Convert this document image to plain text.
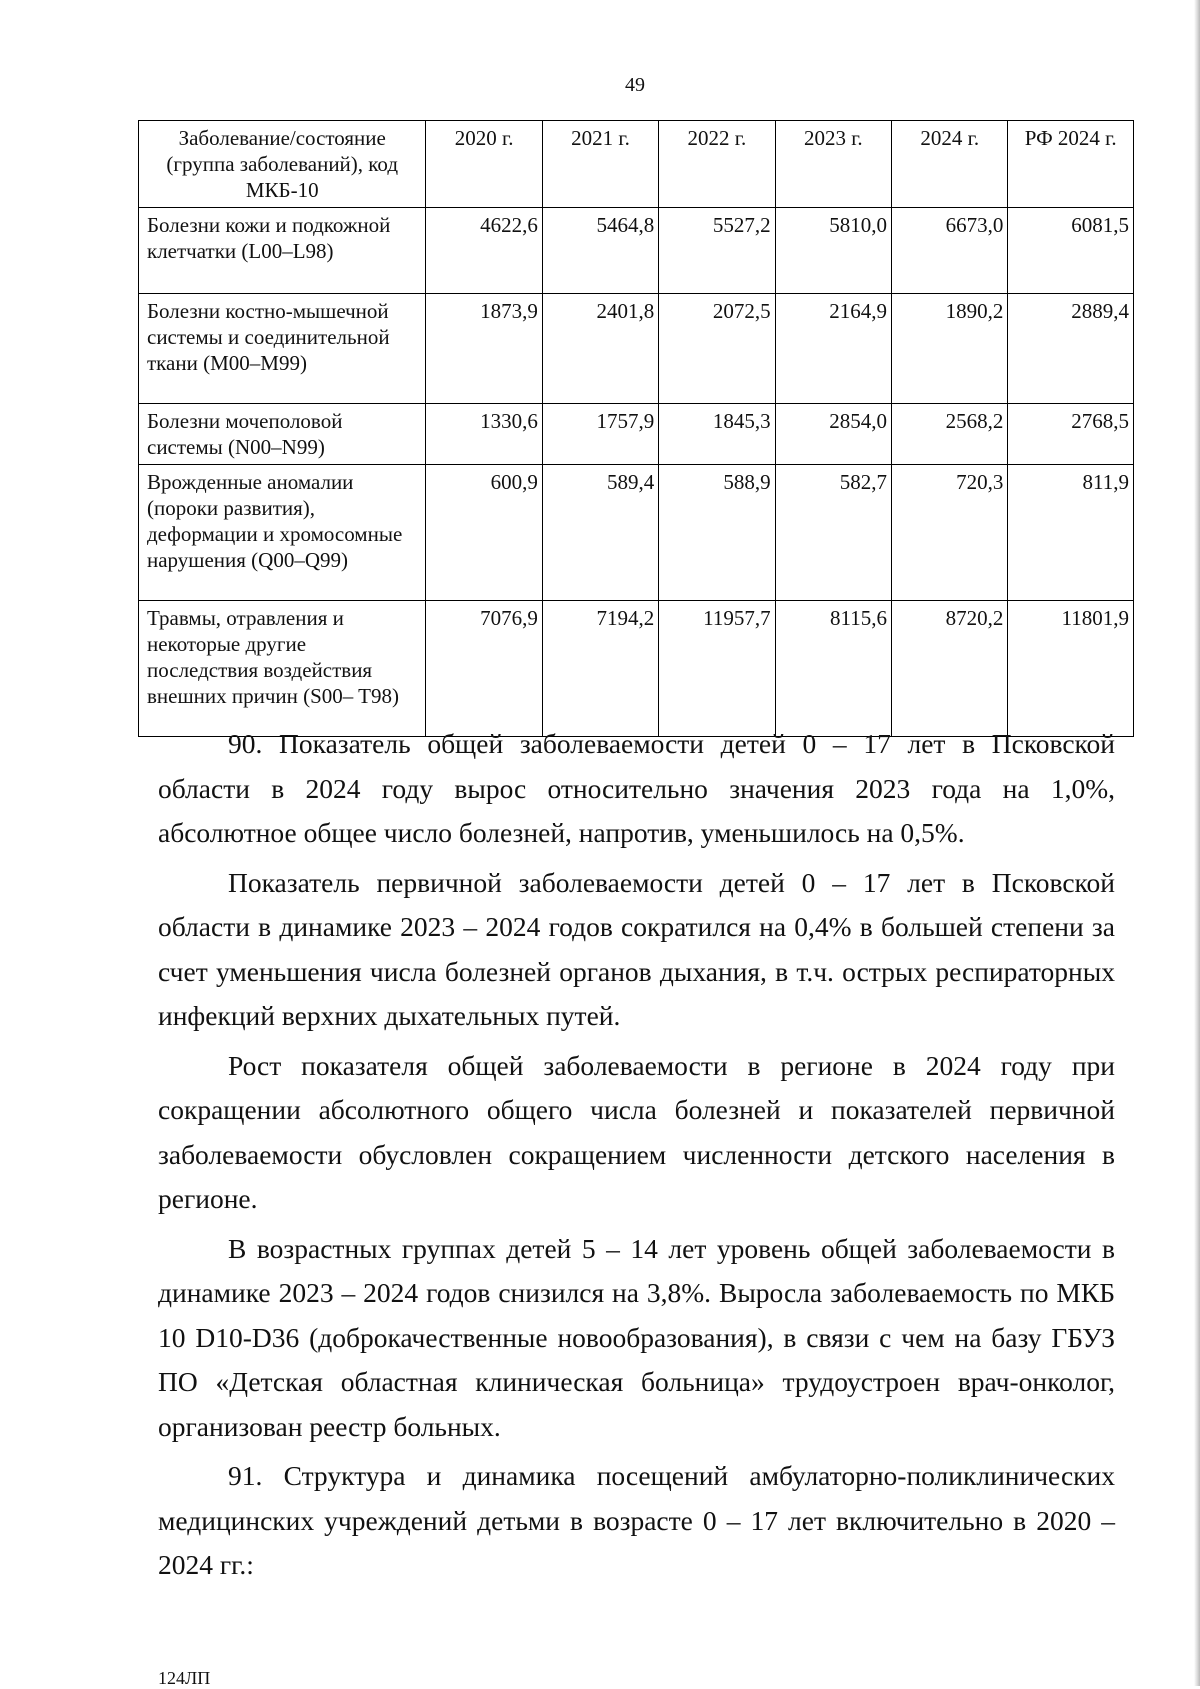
49
Заболевание/состояние (группа заболеваний), код МКБ-10	2020 г.	2021 г.	2022 г.	2023 г.	2024 г.	РФ 2024 г.
Болезни кожи и подкожной клетчатки (L00–L98)	4622,6	5464,8	5527,2	5810,0	6673,0	6081,5
Болезни костно-мышечной системы и соединительной ткани (M00–M99)	1873,9	2401,8	2072,5	2164,9	1890,2	2889,4
Болезни мочеполовой системы (N00–N99)	1330,6	1757,9	1845,3	2854,0	2568,2	2768,5
Врожденные аномалии (пороки развития), деформации и хромосомные нарушения (Q00–Q99)	600,9	589,4	588,9	582,7	720,3	811,9
Травмы, отравления и некоторые другие последствия воздействия внешних причин (S00– T98)	7076,9	7194,2	11957,7	8115,6	8720,2	11801,9

90. Показатель общей заболеваемости детей 0 – 17 лет в Псковской области в 2024 году вырос относительно значения 2023 года на 1,0%, абсолютное общее число болезней, напротив, уменьшилось на 0,5%.

Показатель первичной заболеваемости детей 0 – 17 лет в Псковской области в динамике 2023 – 2024 годов сократился на 0,4% в большей степени за счет уменьшения числа болезней органов дыхания, в т.ч. острых респираторных инфекций верхних дыхательных путей.

Рост показателя общей заболеваемости в регионе в 2024 году при сокращении абсолютного общего числа болезней и показателей первичной заболеваемости обусловлен сокращением численности детского населения в регионе.

В возрастных группах детей 5 – 14 лет уровень общей заболеваемости в динамике 2023 – 2024 годов снизился на 3,8%. Выросла заболеваемость по МКБ 10 D10-D36 (доброкачественные новообразования), в связи с чем на базу ГБУЗ ПО «Детская областная клиническая больница» трудоустроен врач-онколог, организован реестр больных.

91. Структура и динамика посещений амбулаторно-поликлинических медицинских учреждений детьми в возрасте 0 – 17 лет включительно в 2020 – 2024 гг.:

124ЛП
